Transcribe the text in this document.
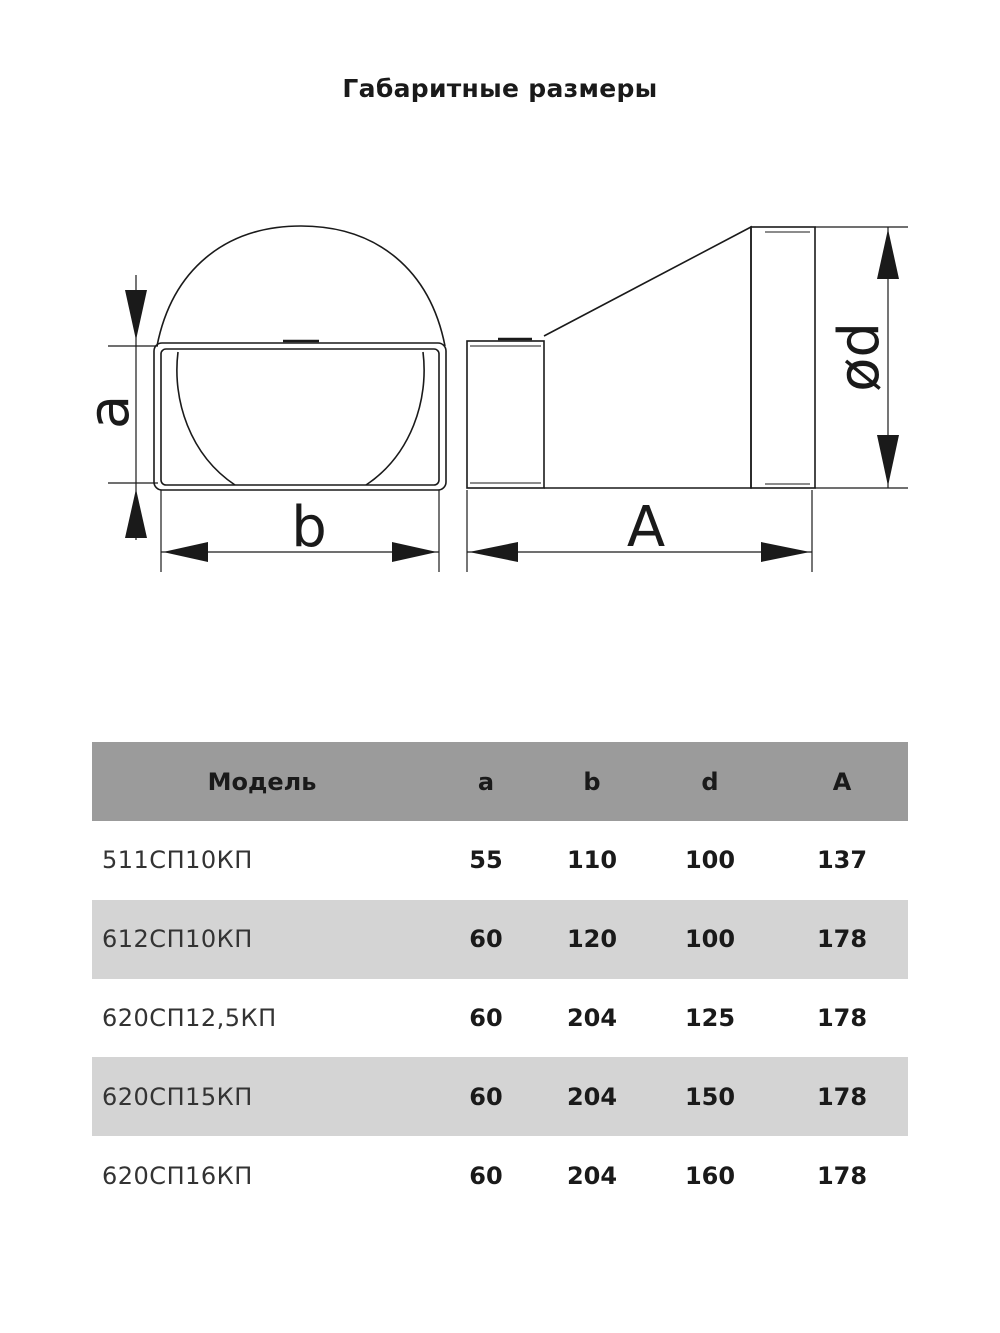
Габаритные размеры
a
b	A
ød
Модель	a	b	d	A
511СП10КП	55	110	100	137
612СП10КП	60	120	100	178
620СП12,5КП	60	204	125	178
620СП15КП	60	204	150	178
620СП16КП	60	204	160	178
